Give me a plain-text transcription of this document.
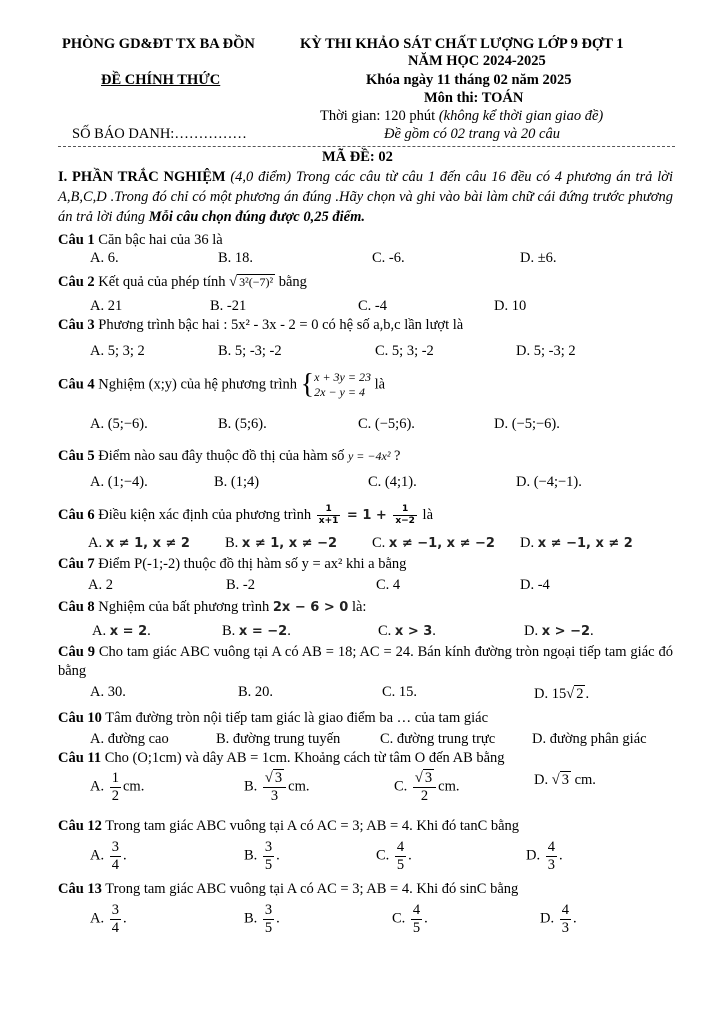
PHÒNG GD&ĐT TX BA ĐỒN	KỲ THI KHẢO SÁT CHẤT LƯỢNG LỚP 9 ĐỢT 1
NĂM HỌC 2024-2025
ĐỀ CHÍNH THỨC	Khóa ngày 11 tháng 02 năm 2025
Môn thi: TOÁN
Thời gian: 120 phút (không kể thời gian giao đề)
SỐ BÁO DANH:……………	Đề gồm có 02 trang và 20 câu
MÃ ĐỀ: 02
I. PHẦN TRẮC NGHIỆM (4,0 điểm) Trong các câu từ câu 1 đến câu 16 đều có 4 phương án trả lời A,B,C,D .Trong đó chỉ có một phương án đúng .Hãy chọn và ghi vào bài làm chữ cái đứng trước phương án trả lời đúng Mỗi câu chọn đúng được 0,25 điểm.
Câu 1 Căn bậc hai của 36 là
A. 6.	B. 18.	C. -6.	D. ±6.
Câu 2 Kết quả của phép tính √ 3²(−7)² bằng
A. 21	B. -21	C. -4	D. 10
Câu 3 Phương trình bậc hai : 5x² - 3x - 2 = 0 có hệ số a,b,c lần lượt là
A. 5; 3; 2	B. 5; -3; -2	C. 5; 3; -2	D. 5; -3; 2
Câu 4 Nghiệm (x;y) của hệ phương trình {x + 3y = 23
2x − y = 4 là
A. (5;−6).	B. (5;6).	C. (−5;6).	D. (−5;−6).
Câu 5 Điểm nào sau đây thuộc đồ thị của hàm số y = −4x² ?
A. (1;−4).	B. (1;4)	C. (4;1).	D. (−4;−1).
Câu 6 Điều kiện xác định của phương trình $\frac{1}{x+1} = 1 + \frac{1}{x-2}$ là
A. x ≠ 1, x ≠ 2 B. x ≠ 1, x ≠ −2 C. x ≠ −1, x ≠ −2 D. x ≠ −1, x ≠ 2
Câu 7 Điểm P(-1;-2) thuộc đồ thị hàm số y = ax² khi a bằng
A. 2	B. -2	C. 4	D. -4
Câu 8 Nghiệm của bất phương trình 2x − 6 > 0 là:
A. x = 2.	B. x = −2.	C. x > 3.	D. x > −2.
Câu 9 Cho tam giác ABC vuông tại A có AB = 18; AC = 24. Bán kính đường tròn ngoại tiếp tam giác đó bằng
A. 30.	B. 20.	C. 15.	D. 15√ 2 .
Câu 10 Tâm đường tròn nội tiếp tam giác là giao điểm ba … của tam giác
A. đường cao	B. đường trung tuyến	C. đường trung trực	D. đường phân giác
Câu 11 Cho (O;1cm) và dây AB = 1cm. Khoảng cách từ tâm O đến AB bằng
A. $\frac{1}{2}$ cm.	B. $\frac{√ 3}{3}$ cm.	C. $\frac{√ 3}{2}$ cm.	D. √ 3 cm.
Câu 12 Trong tam giác ABC vuông tại A có AC = 3; AB = 4. Khi đó tanC bằng
A. $\frac{3}{4}$ .	B. $\frac{3}{5}$ .	C. $\frac{4}{5}$ .	D. $\frac{4}{3}$ .
Câu 13 Trong tam giác ABC vuông tại A có AC = 3; AB = 4. Khi đó sinC bằng
A. $\frac{3}{4}$ .	B. $\frac{3}{5}$ .	C. $\frac{4}{5}$ .	D. $\frac{4}{3}$ .
